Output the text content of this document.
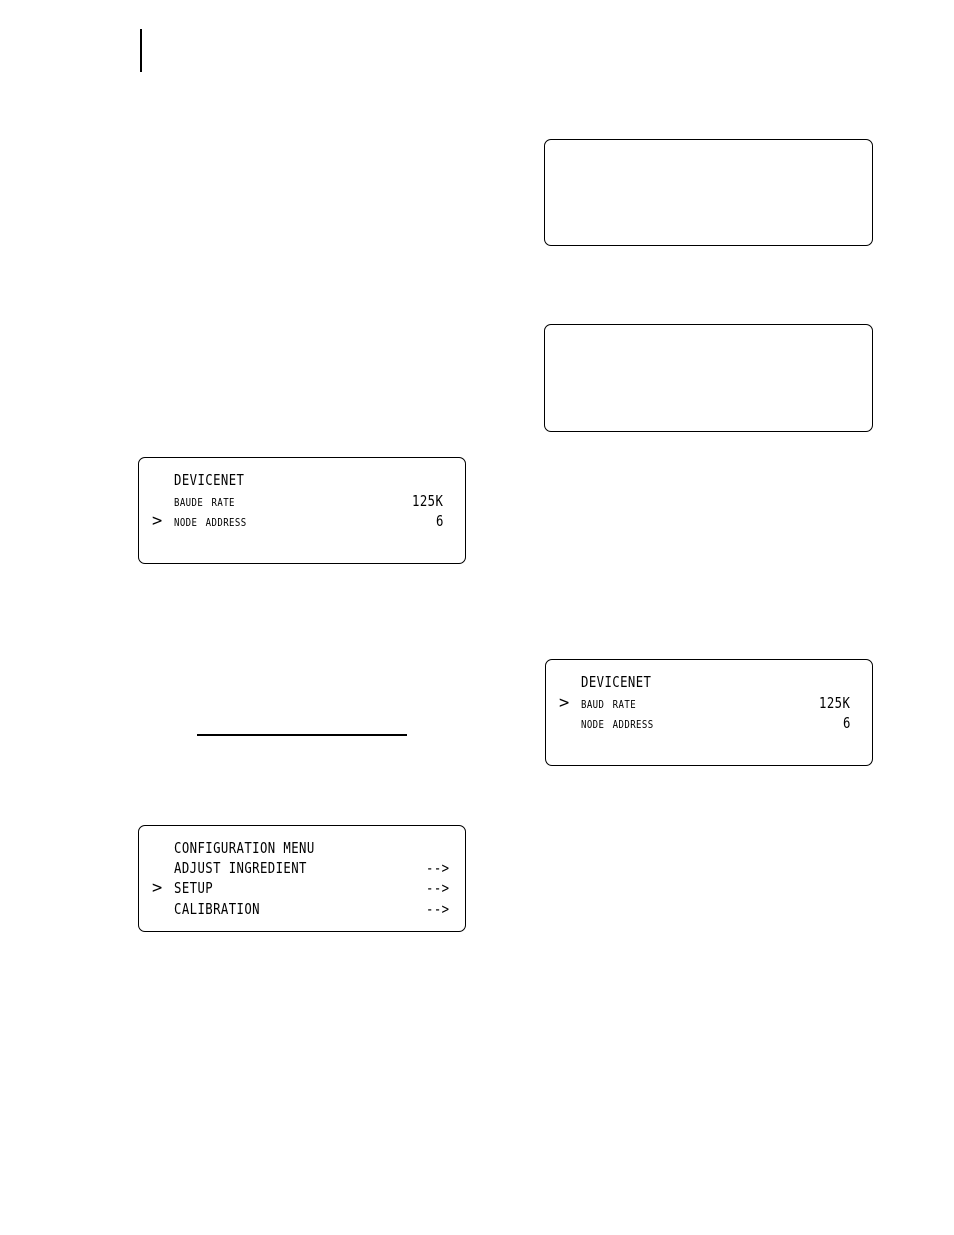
DEVICENET
baude rate	125K
> node address	6
DEVICENET
> baud rate	125K
node address	6
CONFIGURATION MENU
ADJUST INGREDIENT	-->
> SETUP	-->
CALIBRATION	-->
